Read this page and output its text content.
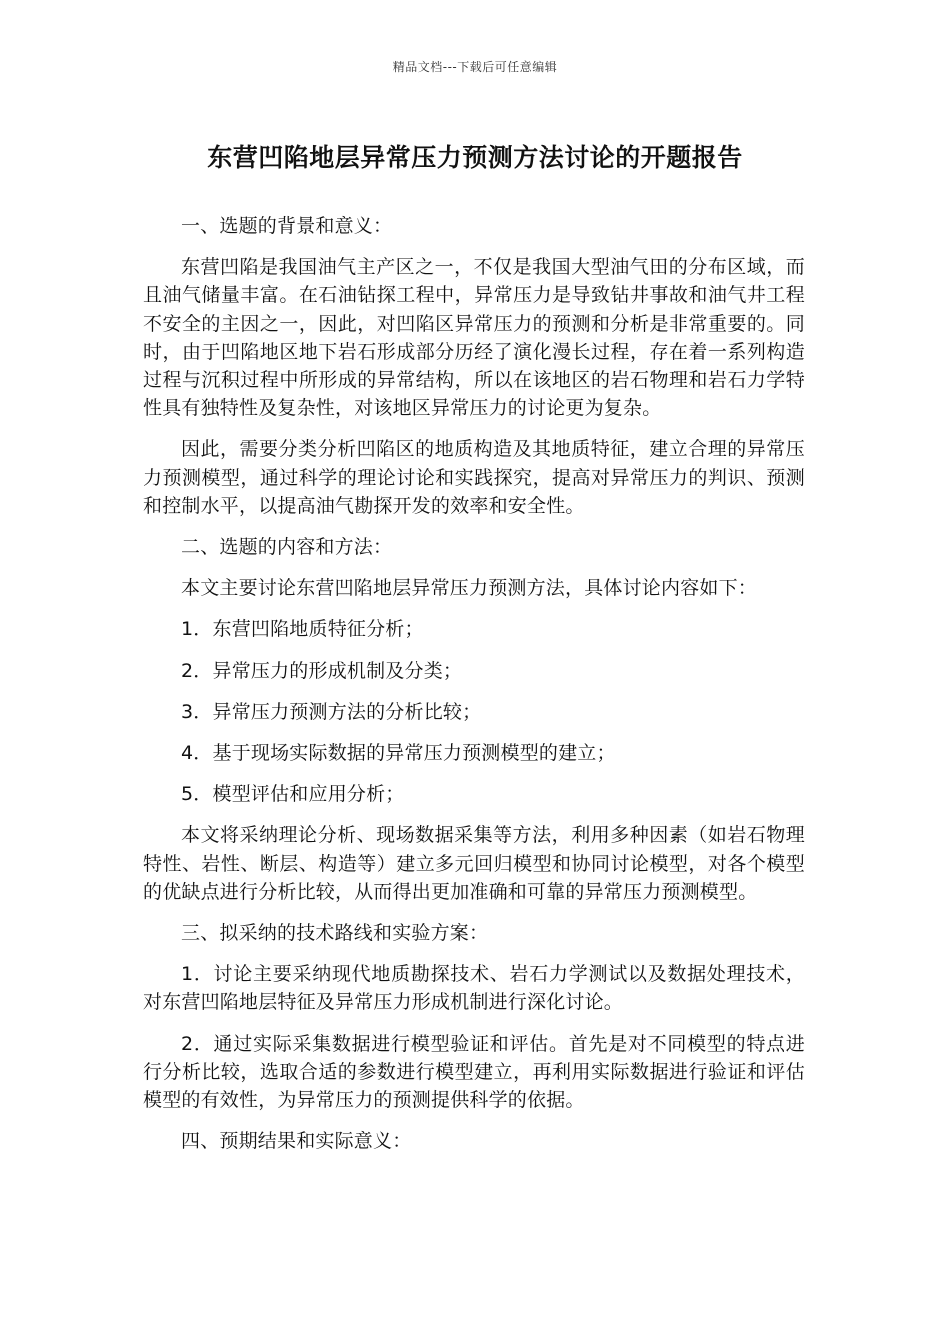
精品文档---下载后可任意编辑
东营凹陷地层异常压力预测方法讨论的开题报告

一、选题的背景和意义：

东营凹陷是我国油气主产区之一，不仅是我国大型油气田的分布区域，而且油气储量丰富。在石油钻探工程中，异常压力是导致钻井事故和油气井工程不安全的主因之一，因此，对凹陷区异常压力的预测和分析是非常重要的。同时，由于凹陷地区地下岩石形成部分历经了演化漫长过程，存在着一系列构造过程与沉积过程中所形成的异常结构，所以在该地区的岩石物理和岩石力学特性具有独特性及复杂性，对该地区异常压力的讨论更为复杂。

因此，需要分类分析凹陷区的地质构造及其地质特征，建立合理的异常压力预测模型，通过科学的理论讨论和实践探究，提高对异常压力的判识、预测和控制水平，以提高油气勘探开发的效率和安全性。

二、选题的内容和方法：

本文主要讨论东营凹陷地层异常压力预测方法，具体讨论内容如下：

1．东营凹陷地质特征分析；

2．异常压力的形成机制及分类；

3．异常压力预测方法的分析比较；

4．基于现场实际数据的异常压力预测模型的建立；

5．模型评估和应用分析；

本文将采纳理论分析、现场数据采集等方法，利用多种因素（如岩石物理特性、岩性、断层、构造等）建立多元回归模型和协同讨论模型，对各个模型的优缺点进行分析比较，从而得出更加准确和可靠的异常压力预测模型。

三、拟采纳的技术路线和实验方案：

1．讨论主要采纳现代地质勘探技术、岩石力学测试以及数据处理技术，对东营凹陷地层特征及异常压力形成机制进行深化讨论。

2．通过实际采集数据进行模型验证和评估。首先是对不同模型的特点进行分析比较，选取合适的参数进行模型建立，再利用实际数据进行验证和评估模型的有效性，为异常压力的预测提供科学的依据。

四、预期结果和实际意义：
